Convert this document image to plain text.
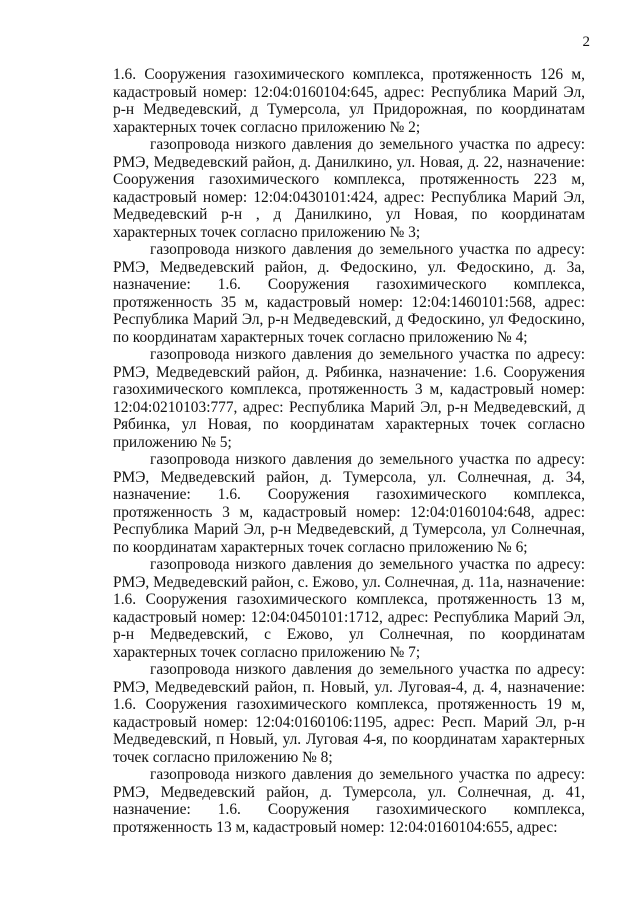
2

1.6. Сооружения газохимического комплекса, протяженность 126 м, кадастровый номер: 12:04:0160104:645, адрес: Республика Марий Эл, р-н Медведевский, д Тумерсола, ул Придорожная, по координатам характерных точек согласно приложению № 2;

газопровода низкого давления до земельного участка по адресу: РМЭ, Медведевский район, д. Данилкино, ул. Новая, д. 22, назначение: Сооружения газохимического комплекса, протяженность 223 м, кадастровый номер: 12:04:0430101:424, адрес: Республика Марий Эл, Медведевский р-н , д Данилкино, ул Новая, по координатам характерных точек согласно приложению № 3;

газопровода низкого давления до земельного участка по адресу: РМЭ, Медведевский район, д. Федоскино, ул. Федоскино, д. 3а, назначение: 1.6. Сооружения газохимического комплекса, протяженность 35 м, кадастровый номер: 12:04:1460101:568, адрес: Республика Марий Эл, р-н Медведевский, д Федоскино, ул Федоскино, по координатам характерных точек согласно приложению № 4;

газопровода низкого давления до земельного участка по адресу: РМЭ, Медведевский район, д. Рябинка, назначение: 1.6. Сооружения газохимического комплекса, протяженность 3 м, кадастровый номер: 12:04:0210103:777, адрес: Республика Марий Эл, р-н Медведевский, д Рябинка, ул Новая, по координатам характерных точек согласно приложению № 5;

газопровода низкого давления до земельного участка по адресу: РМЭ, Медведевский район, д. Тумерсола, ул. Солнечная, д. 34, назначение: 1.6. Сооружения газохимического комплекса, протяженность 3 м, кадастровый номер: 12:04:0160104:648, адрес: Республика Марий Эл, р-н Медведевский, д Тумерсола, ул Солнечная, по координатам характерных точек согласно приложению № 6;

газопровода низкого давления до земельного участка по адресу: РМЭ, Медведевский район, с. Ежово, ул. Солнечная, д. 11а, назначение: 1.6. Сооружения газохимического комплекса, протяженность 13 м, кадастровый номер: 12:04:0450101:1712, адрес: Республика Марий Эл, р-н Медведевский, с Ежово, ул Солнечная, по координатам характерных точек согласно приложению № 7;

газопровода низкого давления до земельного участка по адресу: РМЭ, Медведевский район, п. Новый, ул. Луговая-4, д. 4, назначение: 1.6. Сооружения газохимического комплекса, протяженность 19 м, кадастровый номер: 12:04:0160106:1195, адрес: Респ. Марий Эл, р-н Медведевский, п Новый, ул. Луговая 4-я, по координатам характерных точек согласно приложению № 8;

газопровода низкого давления до земельного участка по адресу: РМЭ, Медведевский район, д. Тумерсола, ул. Солнечная, д. 41, назначение: 1.6. Сооружения газохимического комплекса, протяженность 13 м, кадастровый номер: 12:04:0160104:655, адрес:
